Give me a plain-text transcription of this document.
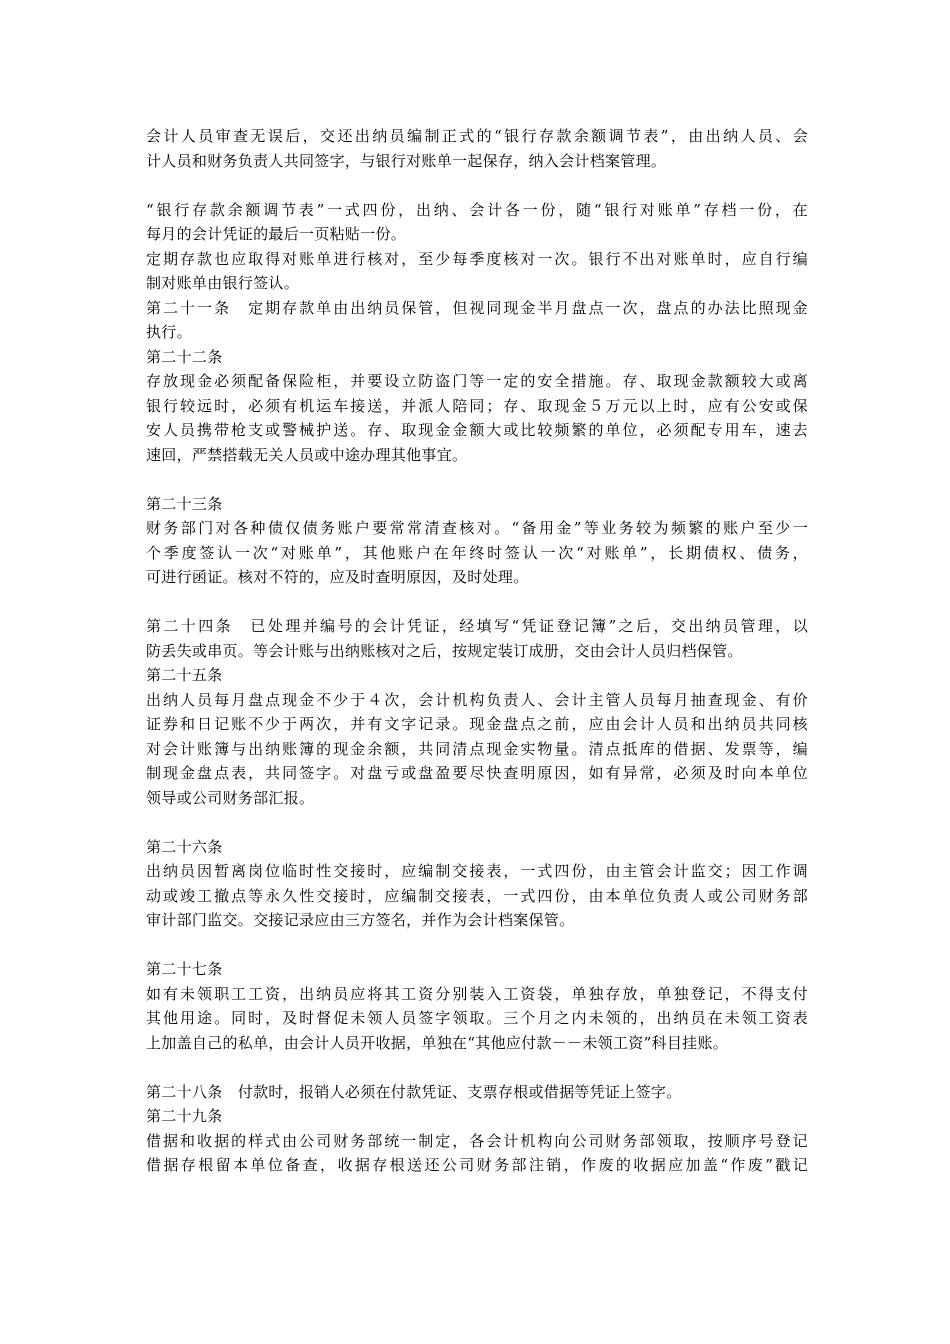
会计人员审查无误后，交还出纳员编制正式的“银行存款余额调节表”，由出纳人员、会
计人员和财务负责人共同签字，与银行对账单一起保存，纳入会计档案管理。
“银行存款余额调节表”一式四份，出纳、会计各一份，随“银行对账单”存档一份，在
每月的会计凭证的最后一页粘贴一份。
定期存款也应取得对账单进行核对，至少每季度核对一次。银行不出对账单时，应自行编
制对账单由银行签认。
第二十一条　定期存款单由出纳员保管，但视同现金半月盘点一次，盘点的办法比照现金
执行。
第二十二条
存放现金必须配备保险柜，并要设立防盗门等一定的安全措施。存、取现金款额较大或离
银行较远时，必须有机运车接送，并派人陪同；存、取现金５万元以上时，应有公安或保
安人员携带枪支或警械护送。存、取现金金额大或比较频繁的单位，必须配专用车，速去
速回，严禁搭载无关人员或中途办理其他事宜。
第二十三条
财务部门对各种债仅债务账户要常常清查核对。“备用金”等业务较为频繁的账户至少一
个季度签认一次“对账单”，其他账户在年终时签认一次“对账单”，长期债权、债务，
可进行函证。核对不符的，应及时查明原因，及时处理。
第二十四条　已处理并编号的会计凭证，经填写“凭证登记簿”之后，交出纳员管理，以
防丢失或串页。等会计账与出纳账核对之后，按规定装订成册，交由会计人员归档保管。
第二十五条
出纳人员每月盘点现金不少于４次，会计机构负责人、会计主管人员每月抽查现金、有价
证券和日记账不少于两次，并有文字记录。现金盘点之前，应由会计人员和出纳员共同核
对会计账簿与出纳账簿的现金余额，共同清点现金实物量。清点抵库的借据、发票等，编
制现金盘点表，共同签字。对盘亏或盘盈要尽快查明原因，如有异常，必须及时向本单位
领导或公司财务部汇报。
第二十六条
出纳员因暂离岗位临时性交接时，应编制交接表，一式四份，由主管会计监交；因工作调
动或竣工撤点等永久性交接时，应编制交接表，一式四份，由本单位负责人或公司财务部
审计部门监交。交接记录应由三方签名，并作为会计档案保管。
第二十七条
如有未领职工工资，出纳员应将其工资分别装入工资袋，单独存放，单独登记，不得支付
其他用途。同时，及时督促未领人员签字领取。三个月之内未领的，出纳员在未领工资表
上加盖自己的私单，由会计人员开收据，单独在“其他应付款－－未领工资”科目挂账。
第二十八条　付款时，报销人必须在付款凭证、支票存根或借据等凭证上签字。
第二十九条
借据和收据的样式由公司财务部统一制定，各会计机构向公司财务部领取，按顺序号登记
借据存根留本单位备查，收据存根送还公司财务部注销，作废的收据应加盖“作废”戳记
